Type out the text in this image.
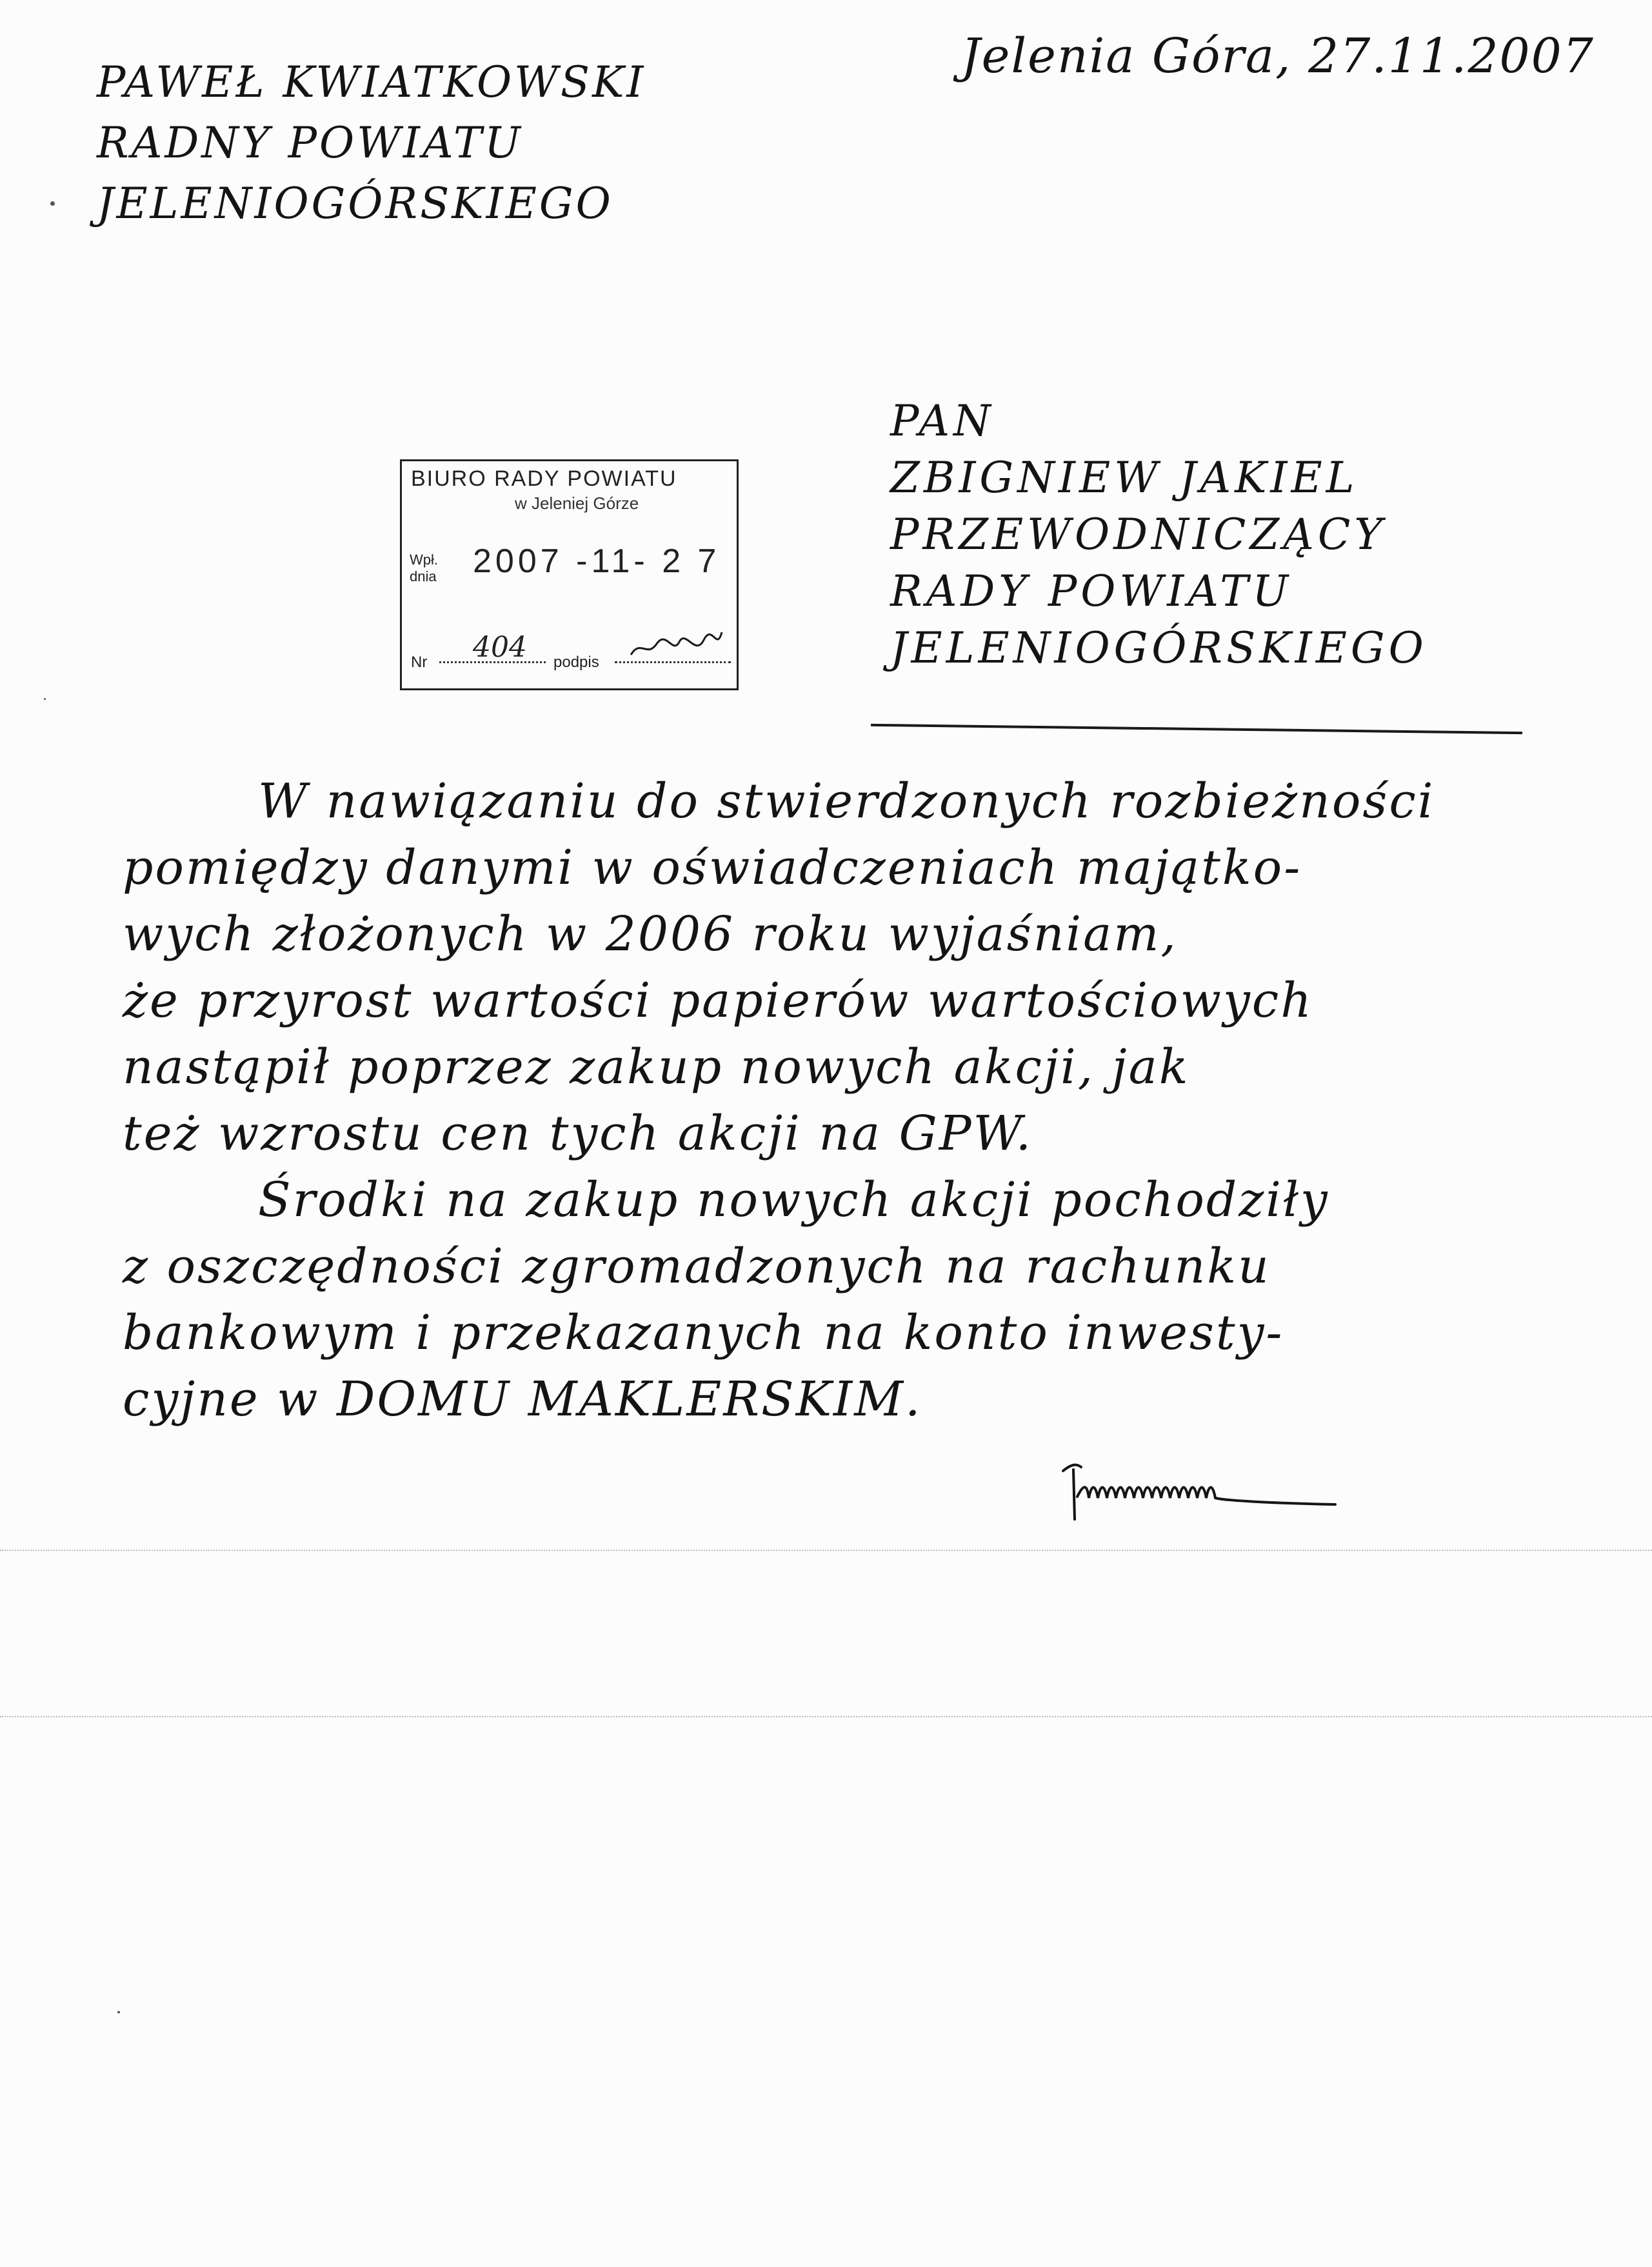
PAWEŁ KWIATKOWSKI
RADNY POWIATU
JELENIOGÓRSKIEGO
Jelenia Góra, 27.11.2007
PAN
ZBIGNIEW JAKIEL
PRZEWODNICZĄCY
RADY POWIATU
JELENIOGÓRSKIEGO
BIURO RADY POWIATU
w Jeleniej Górze
Wpł.
dnia 2007 -11- 2 7
Nr 404 podpis
W nawiązaniu do stwierdzonych rozbieżności
pomiędzy danymi w oświadczeniach majątko-
wych złożonych w 2006 roku wyjaśniam,
że przyrost wartości papierów wartościowych
nastąpił poprzez zakup nowych akcji, jak
też wzrostu cen tych akcji na GPW.
Środki na zakup nowych akcji pochodziły
z oszczędności zgromadzonych na rachunku
bankowym i przekazanych na konto inwesty-
cyjne w DOMU MAKLERSKIM.
